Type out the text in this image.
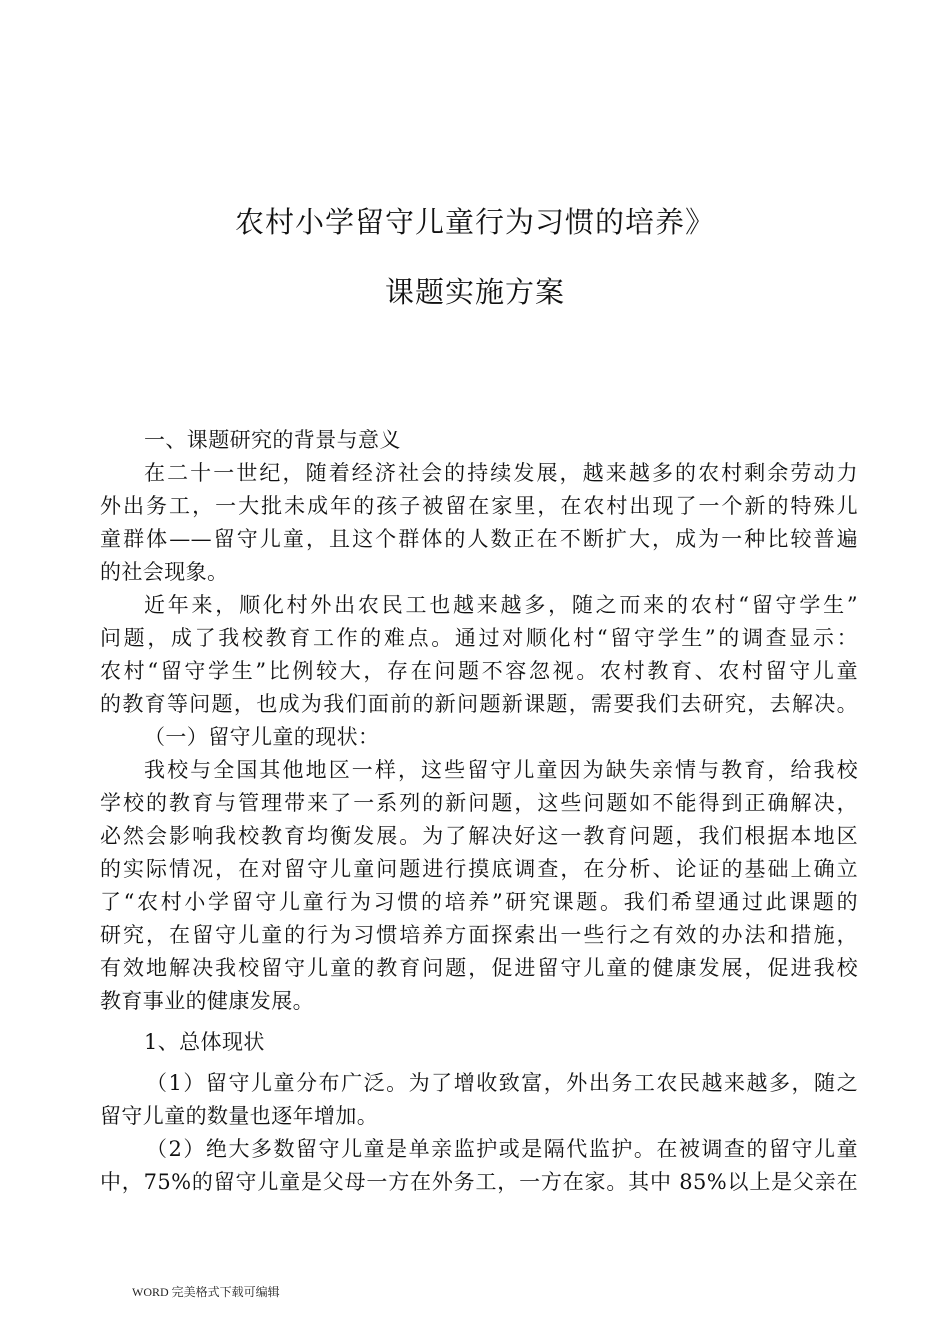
农村小学留守儿童行为习惯的培养》
课题实施方案
一、课题研究的背景与意义
在二十一世纪，随着经济社会的持续发展，越来越多的农村剩余劳动力
外出务工，一大批未成年的孩子被留在家里，在农村出现了一个新的特殊儿
童群体——留守儿童，且这个群体的人数正在不断扩大，成为一种比较普遍
的社会现象。
近年来，顺化村外出农民工也越来越多，随之而来的农村“留守学生”
问题，成了我校教育工作的难点。通过对顺化村“留守学生”的调查显示：
农村“留守学生”比例较大，存在问题不容忽视。农村教育、农村留守儿童
的教育等问题，也成为我们面前的新问题新课题，需要我们去研究，去解决。
（一）留守儿童的现状：
我校与全国其他地区一样，这些留守儿童因为缺失亲情与教育，给我校
学校的教育与管理带来了一系列的新问题，这些问题如不能得到正确解决，
必然会影响我校教育均衡发展。为了解决好这一教育问题，我们根据本地区
的实际情况，在对留守儿童问题进行摸底调查，在分析、论证的基础上确立
了“农村小学留守儿童行为习惯的培养”研究课题。我们希望通过此课题的
研究，在留守儿童的行为习惯培养方面探索出一些行之有效的办法和措施，
有效地解决我校留守儿童的教育问题，促进留守儿童的健康发展，促进我校
教育事业的健康发展。
1、总体现状
（1）留守儿童分布广泛。为了增收致富，外出务工农民越来越多，随之
留守儿童的数量也逐年增加。
（2）绝大多数留守儿童是单亲监护或是隔代监护。在被调查的留守儿童
中，75%的留守儿童是父母一方在外务工，一方在家。其中 85%以上是父亲在
WORD 完美格式下载可编辑
